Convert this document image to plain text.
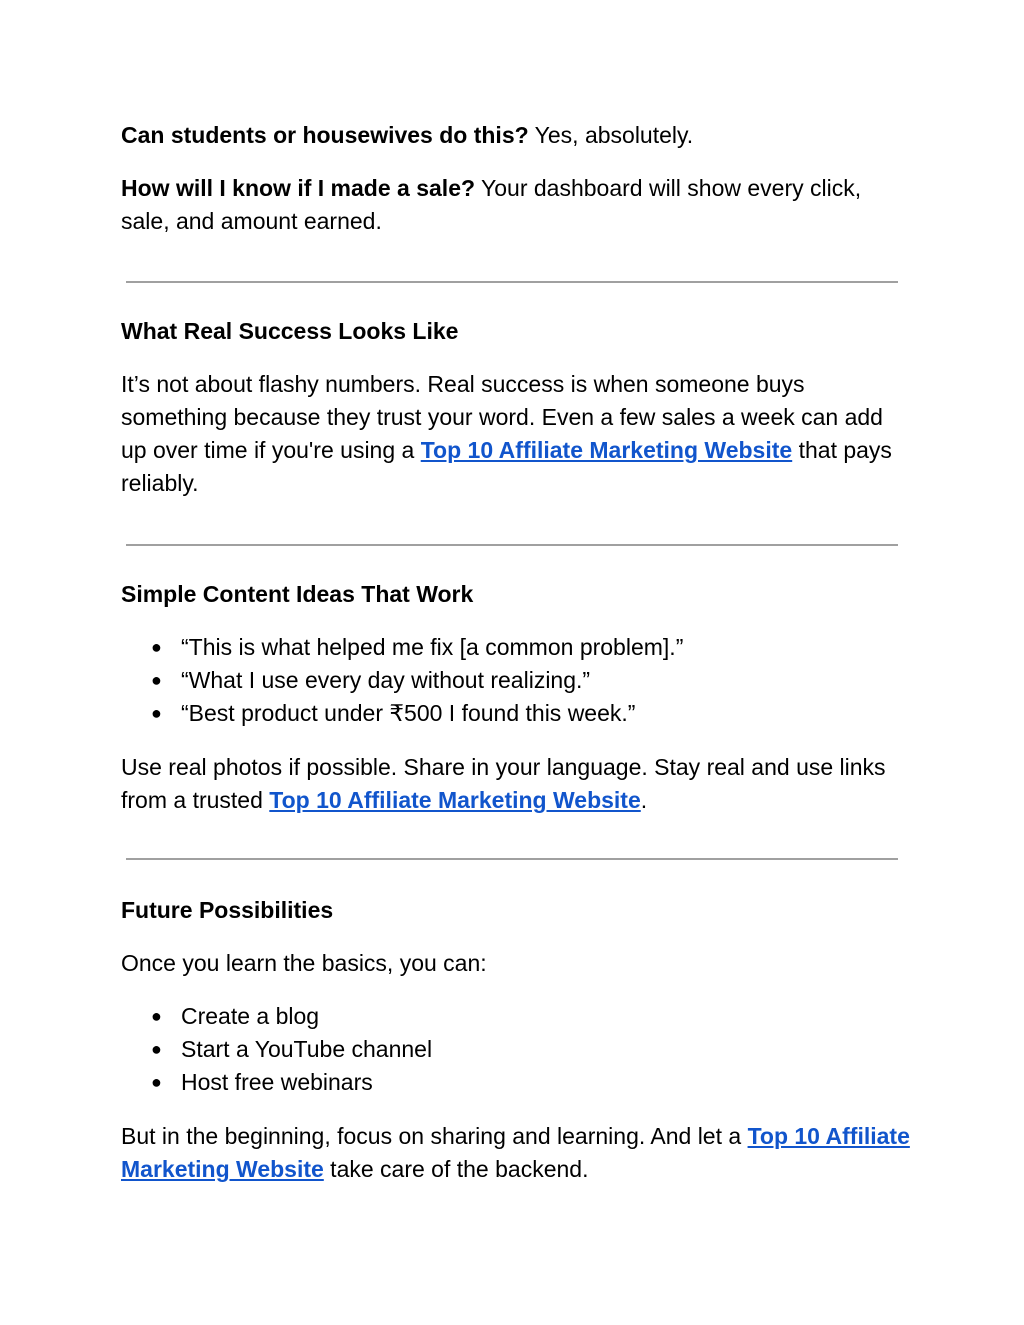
Can students or housewives do this? Yes, absolutely.
How will I know if I made a sale? Your dashboard will show every click, sale, and amount earned.
What Real Success Looks Like
It’s not about flashy numbers. Real success is when someone buys something because they trust your word. Even a few sales a week can add up over time if you're using a Top 10 Affiliate Marketing Website that pays reliably.
Simple Content Ideas That Work
● “This is what helped me fix [a common problem].”
● “What I use every day without realizing.”
● “Best product under ₹500 I found this week.”
Use real photos if possible. Share in your language. Stay real and use links from a trusted Top 10 Affiliate Marketing Website.
Future Possibilities
Once you learn the basics, you can:
● Create a blog
● Start a YouTube channel
● Host free webinars
But in the beginning, focus on sharing and learning. And let a Top 10 Affiliate Marketing Website take care of the backend.
